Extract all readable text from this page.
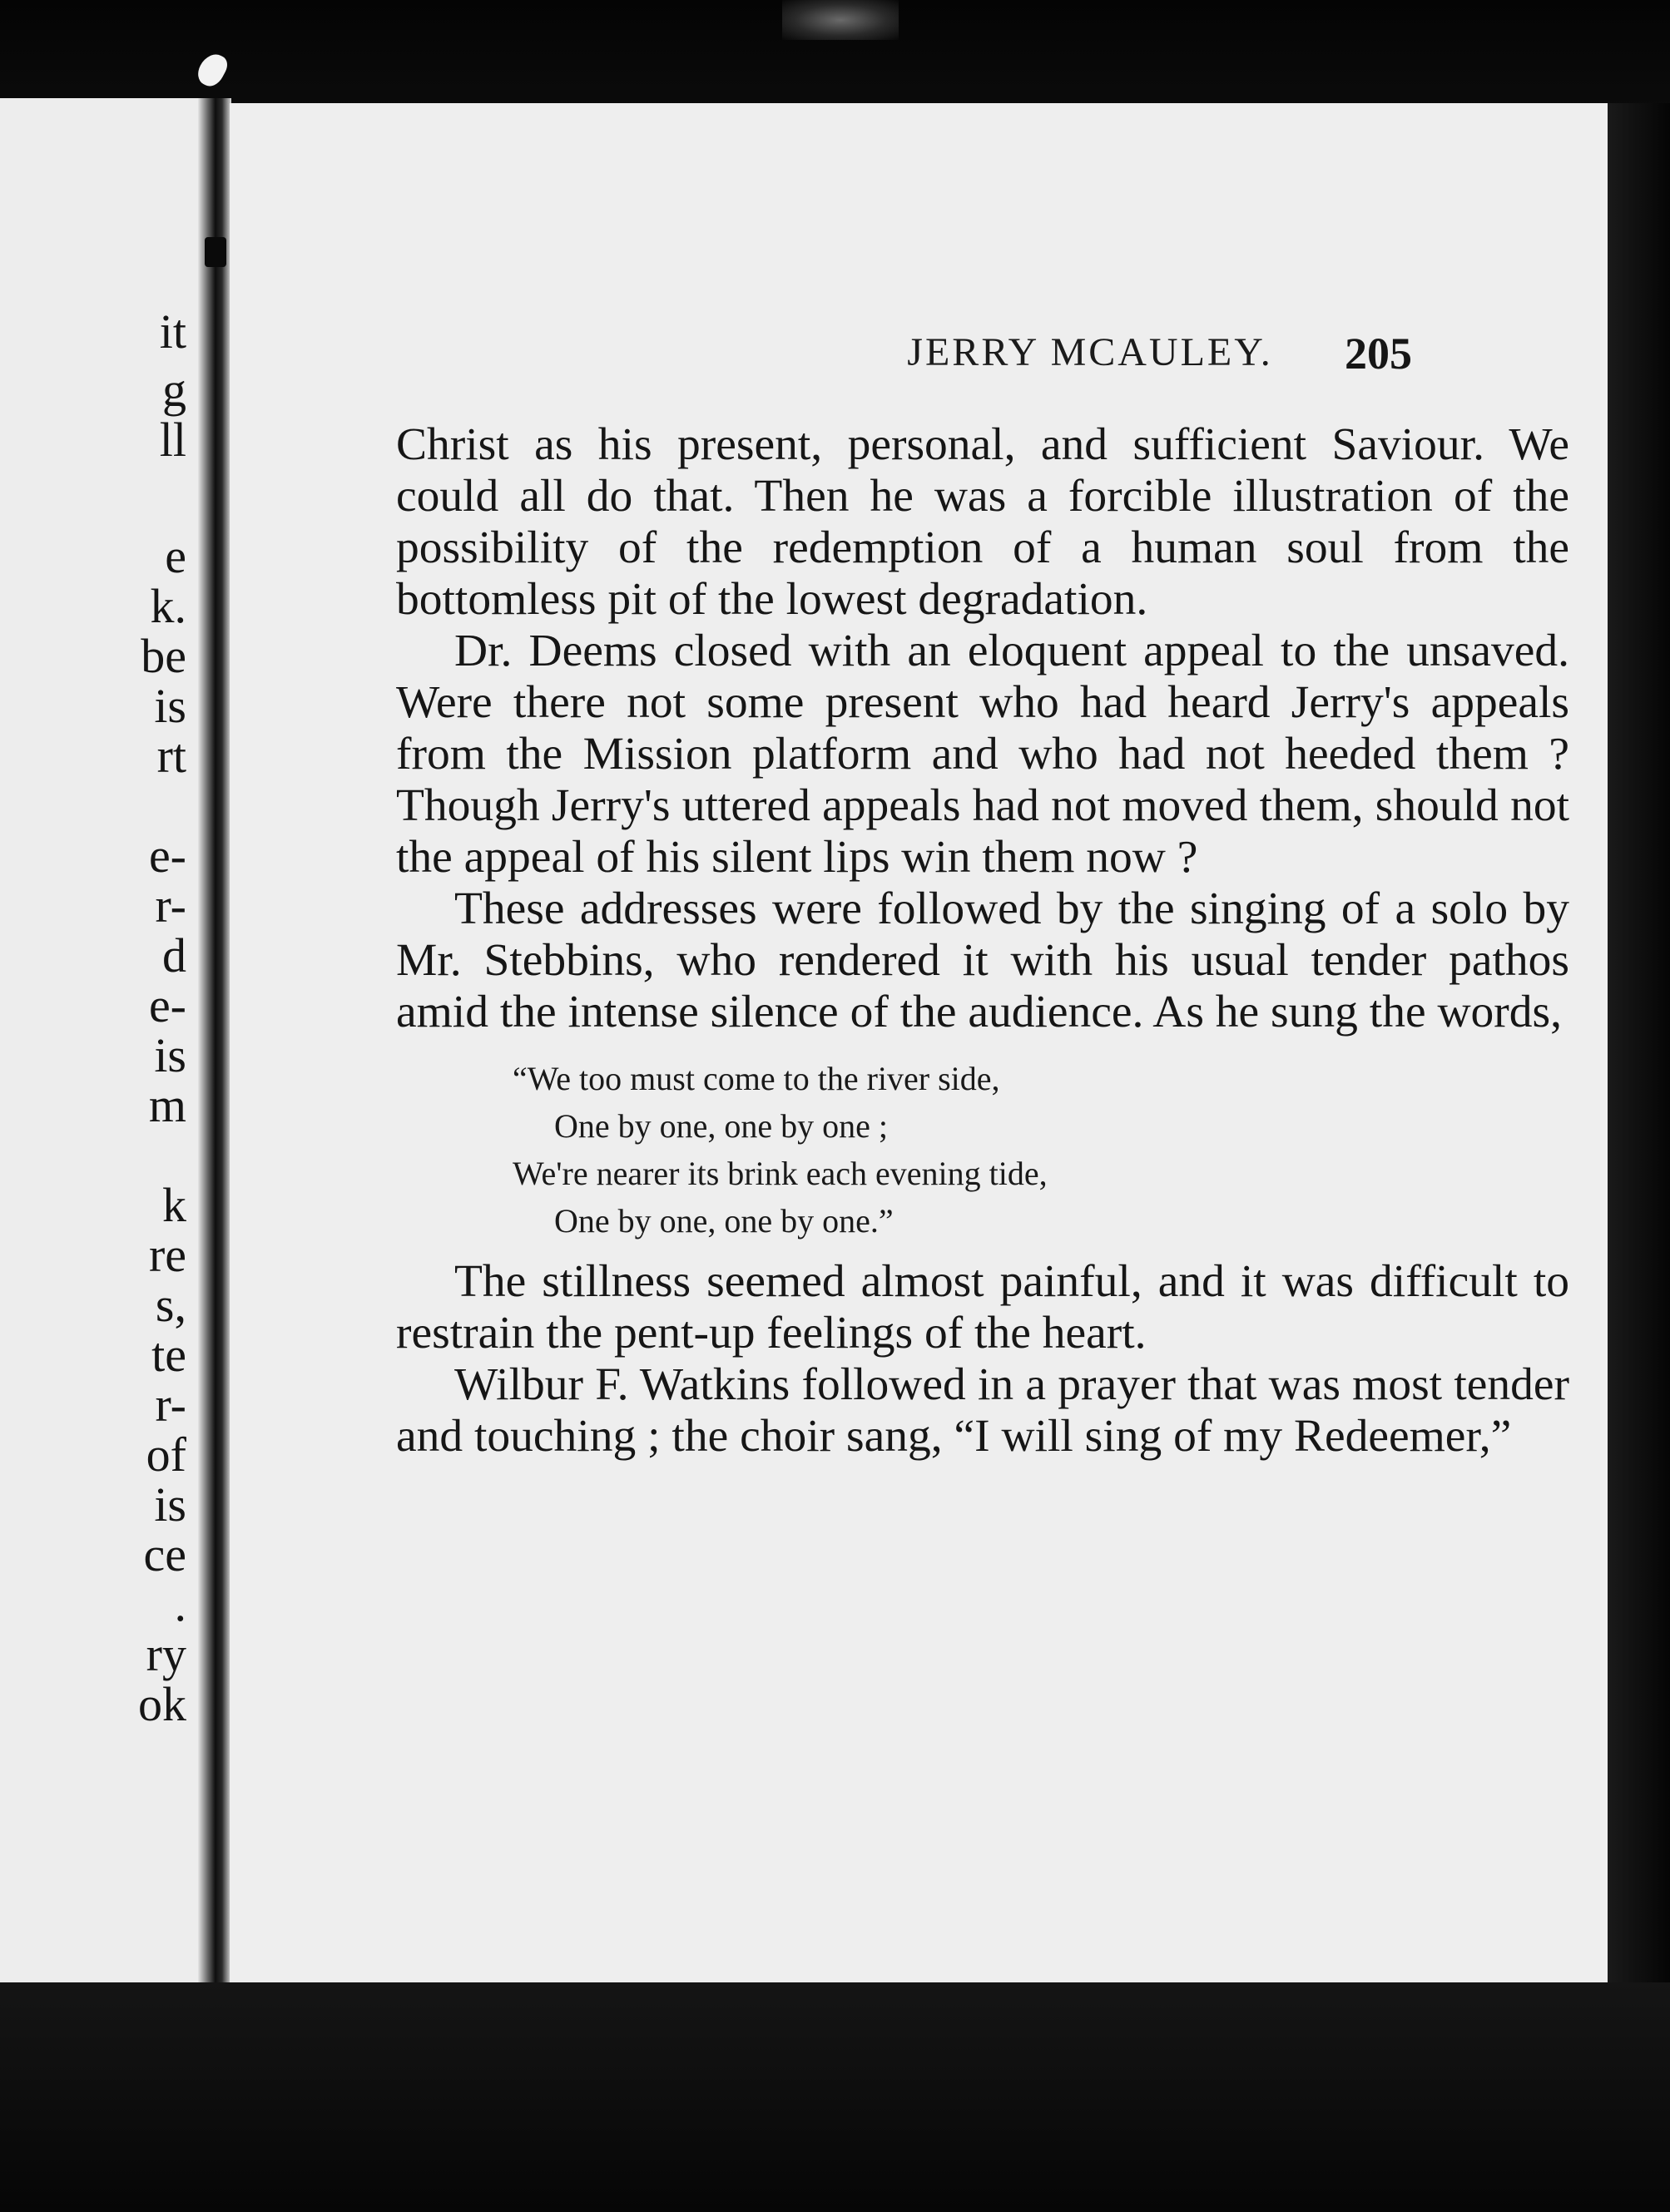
it
g
ll
e
k.
be
is
rt
e-
r-
d
e-
is
m
k
re
s,
te
r-
of
is
ce
.
ry
ok
JERRY MCAULEY.	205

Christ as his present, personal, and sufficient Saviour. We could all do that. Then he was a forcible illustration of the possibility of the redemption of a human soul from the bottomless pit of the lowest degradation.

Dr. Deems closed with an eloquent appeal to the unsaved. Were there not some present who had heard Jerry's appeals from the Mission platform and who had not heeded them ? Though Jerry's uttered appeals had not moved them, should not the appeal of his silent lips win them now ?

These addresses were followed by the singing of a solo by Mr. Stebbins, who rendered it with his usual tender pathos amid the intense silence of the audience. As he sung the words,

“We too must come to the river side,
One by one, one by one ;
We're nearer its brink each evening tide,
One by one, one by one.”

The stillness seemed almost painful, and it was difficult to restrain the pent-up feelings of the heart.

Wilbur F. Watkins followed in a prayer that was most tender and touching ; the choir sang, “I will sing of my Redeemer,”
